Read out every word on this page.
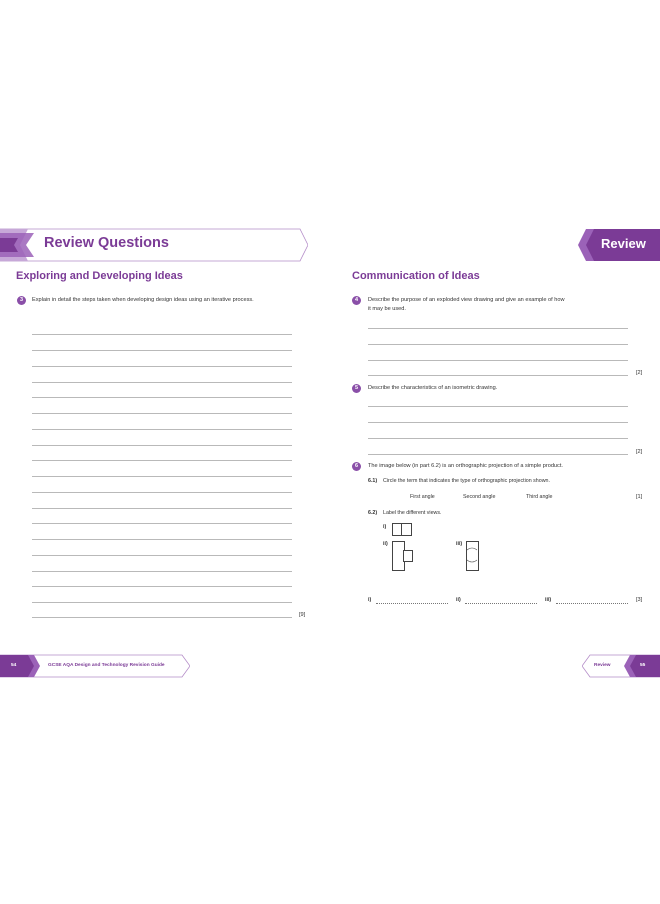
Review Questions	Review
Exploring and Developing Ideas
3	Explain in detail the steps taken when developing design ideas using an iterative process.
[9]
Communication of Ideas
4	Describe the purpose of an exploded view drawing and give an example of how
it may be used.
[2]
5	Describe the characteristics of an isometric drawing.
[2]
6	The image below (in part 6.2) is an orthographic projection of a simple product.
6.1) Circle the term that indicates the type of orthographic projection shown.
First angle	Second angle	Third angle	[1]
6.2) Label the different views.
i)
ii)	iii)
i)	ii)	iii)	[3]
54	GCSE AQA Design and Technology Revision Guide	Review	55
